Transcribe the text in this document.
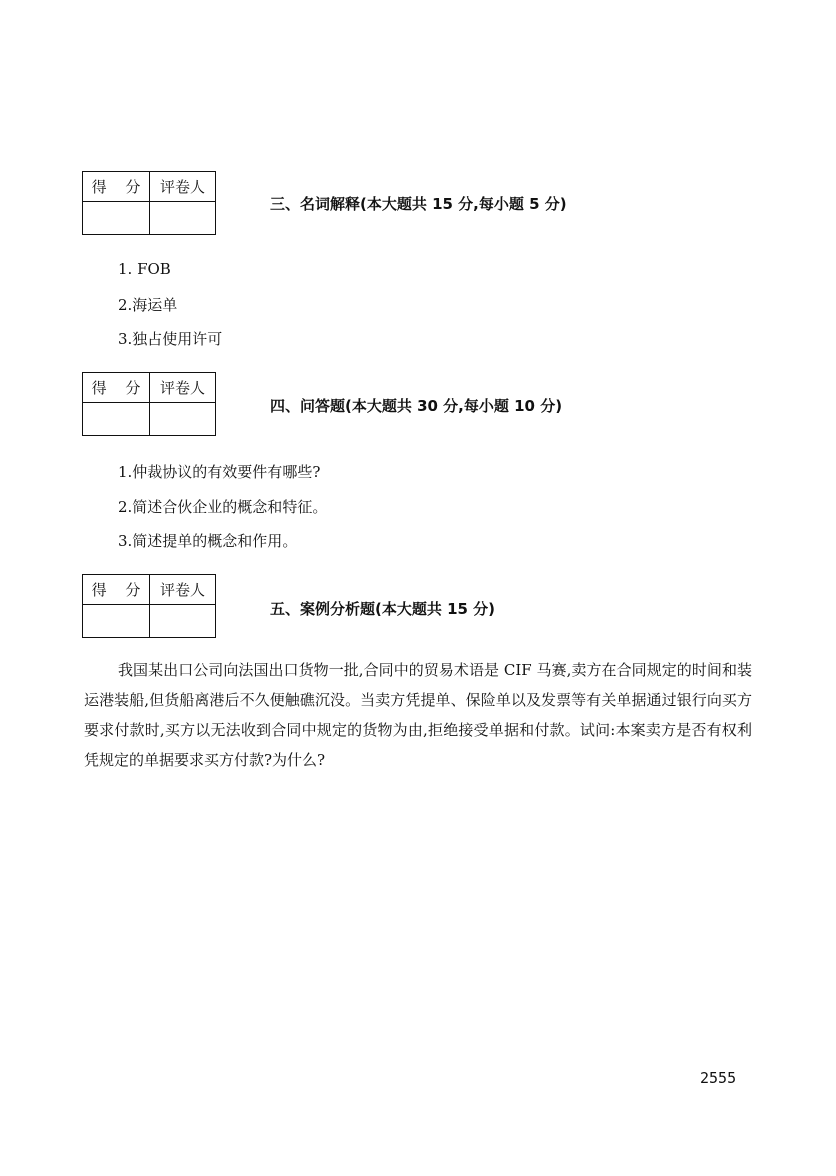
得 分	评卷人
三、名词解释(本大题共 15 分,每小题 5 分)
1. FOB
2.海运单
3.独占使用许可
得 分	评卷人
四、问答题(本大题共 30 分,每小题 10 分)
1.仲裁协议的有效要件有哪些?
2.简述合伙企业的概念和特征。
3.简述提单的概念和作用。
得 分	评卷人
五、案例分析题(本大题共 15 分)
我国某出口公司向法国出口货物一批,合同中的贸易术语是 CIF 马赛,卖方在合同规定的时间和装运港装船,但货船离港后不久便触礁沉没。当卖方凭提单、保险单以及发票等有关单据通过银行向买方要求付款时,买方以无法收到合同中规定的货物为由,拒绝接受单据和付款。试问:本案卖方是否有权利凭规定的单据要求买方付款?为什么?
2555
